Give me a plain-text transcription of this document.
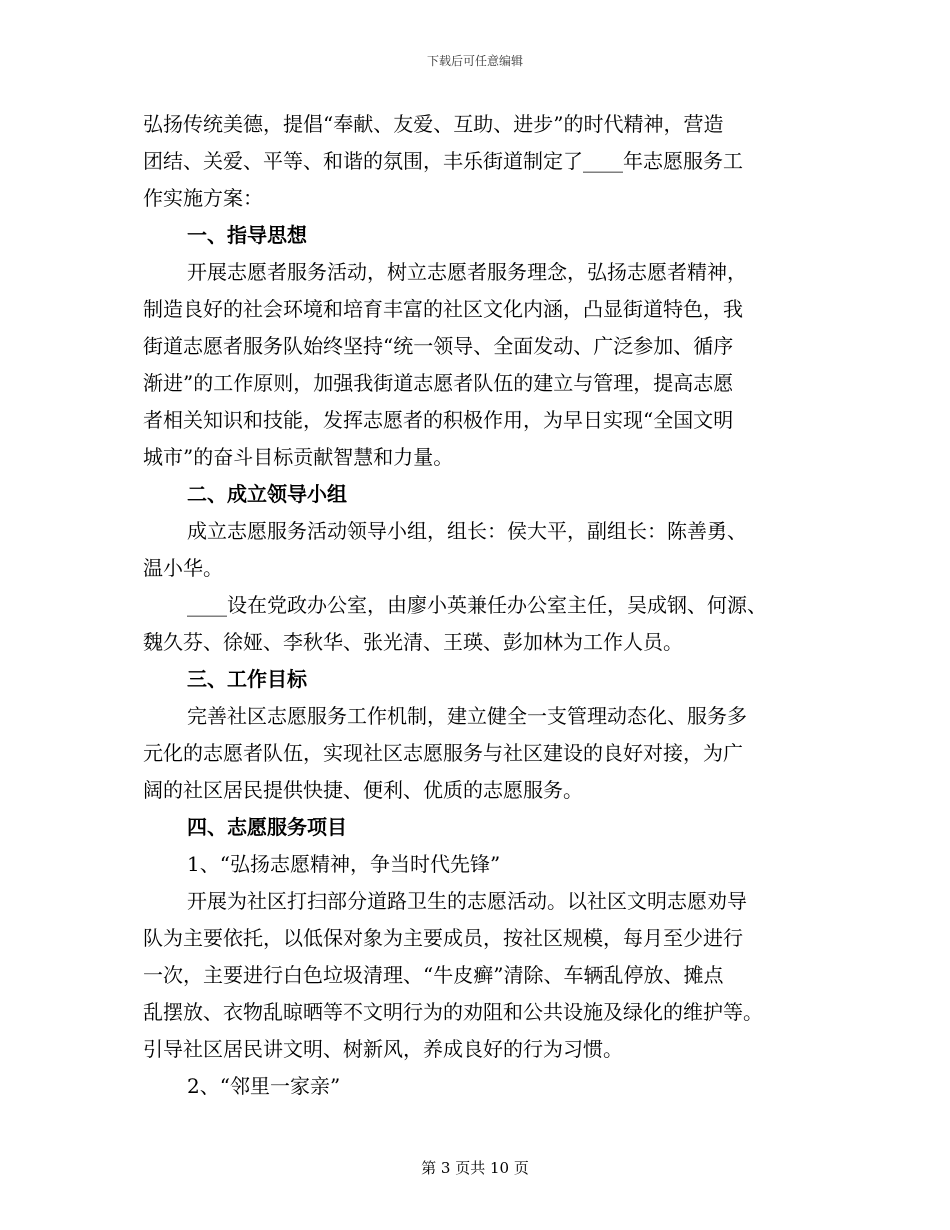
下载后可任意编辑
弘扬传统美德，提倡“奉献、友爱、互助、进步”的时代精神，营造
团结、关爱、平等、和谐的氛围，丰乐街道制定了____年志愿服务工
作实施方案：
一、指导思想
开展志愿者服务活动，树立志愿者服务理念，弘扬志愿者精神，
制造良好的社会环境和培育丰富的社区文化内涵，凸显街道特色，我
街道志愿者服务队始终坚持“统一领导、全面发动、广泛参加、循序
渐进”的工作原则，加强我街道志愿者队伍的建立与管理，提高志愿
者相关知识和技能，发挥志愿者的积极作用，为早日实现“全国文明
城市”的奋斗目标贡献智慧和力量。
二、成立领导小组
成立志愿服务活动领导小组，组长：侯大平，副组长：陈善勇、
温小华。
____设在党政办公室，由廖小英兼任办公室主任，吴成钢、何源、
魏久芬、徐娅、李秋华、张光清、王瑛、彭加林为工作人员。
三、工作目标
完善社区志愿服务工作机制，建立健全一支管理动态化、服务多
元化的志愿者队伍，实现社区志愿服务与社区建设的良好对接，为广
阔的社区居民提供快捷、便利、优质的志愿服务。
四、志愿服务项目
1、“弘扬志愿精神，争当时代先锋”
开展为社区打扫部分道路卫生的志愿活动。以社区文明志愿劝导
队为主要依托，以低保对象为主要成员，按社区规模，每月至少进行
一次，主要进行白色垃圾清理、“牛皮癣”清除、车辆乱停放、摊点
乱摆放、衣物乱晾晒等不文明行为的劝阻和公共设施及绿化的维护等。
引导社区居民讲文明、树新风，养成良好的行为习惯。
2、“邻里一家亲”
第 3 页共 10 页
